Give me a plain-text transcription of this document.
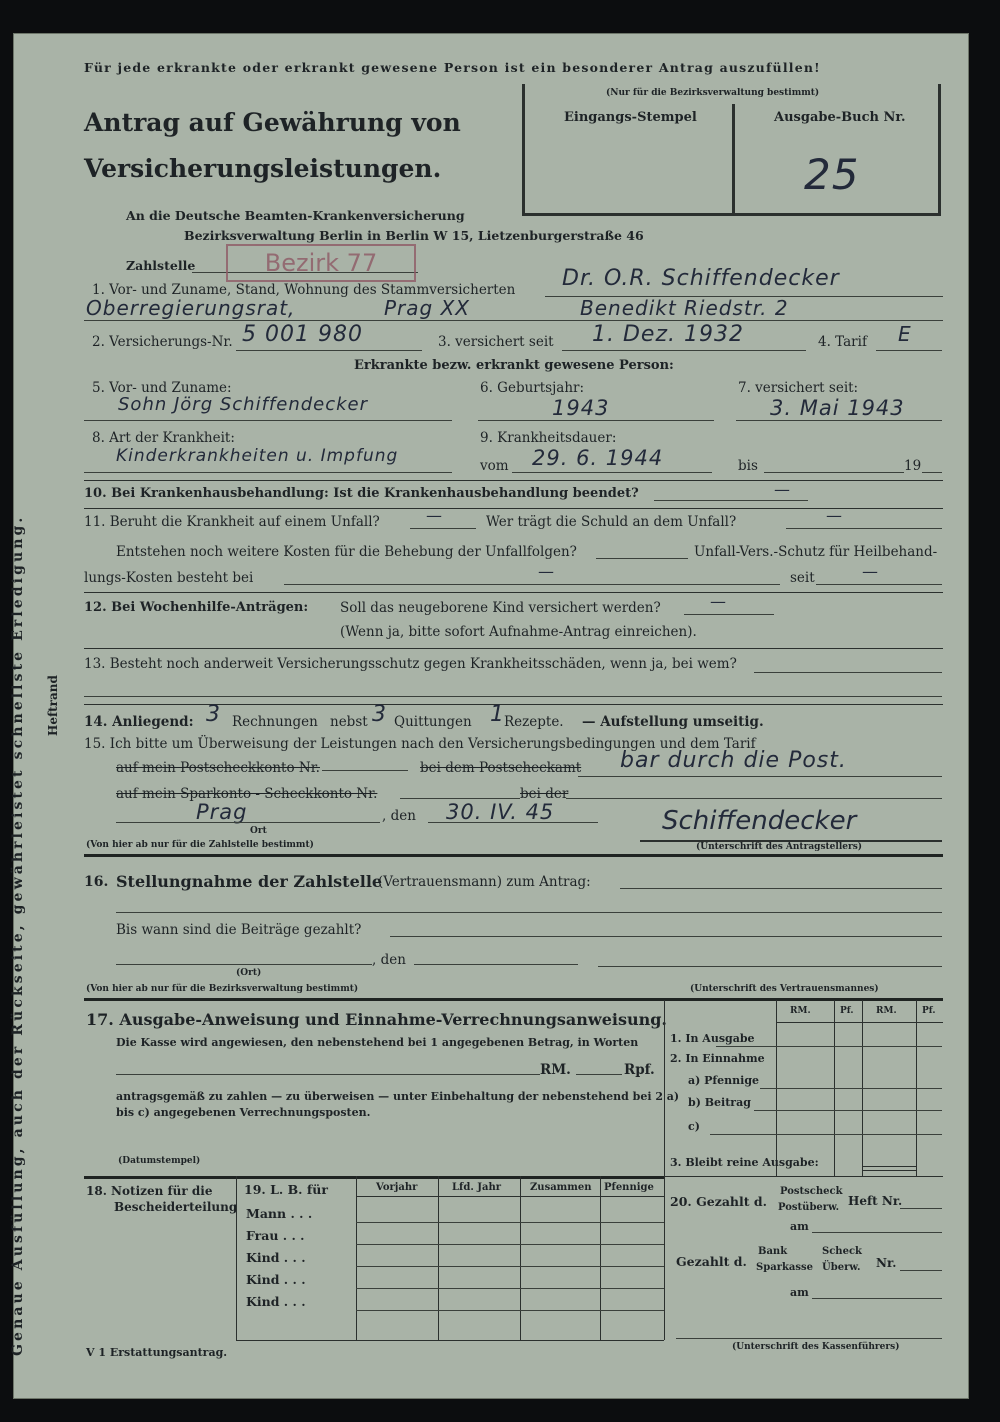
Genaue Ausfüllung, auch der Rückseite, gewährleistet schnellste Erledigung. Heftrand
Für jede erkrankte oder erkrankt gewesene Person ist ein besonderer Antrag auszufüllen!
Antrag auf Gewährung von
Versicherungsleistungen.
(Nur für die Bezirksverwaltung bestimmt)
Eingangs-Stempel	Ausgabe-Buch Nr.
25
An die Deutsche Beamten-Krankenversicherung
Bezirksverwaltung Berlin in Berlin W 15, Lietzenburgerstraße 46
Zahlstelle	Bezirk 77
1. Vor- und Zuname, Stand, Wohnung des Stammversicherten Dr. O.R. Schiffendecker
Oberregierungsrat,	Prag XX	Benedikt Riedstr. 2
2. Versicherungs-Nr. 5 001 980	3. versichert seit 1. Dez. 1932	4. Tarif E
Erkrankte bezw. erkrankt gewesene Person:
5. Vor- und Zuname:	6. Geburtsjahr:	7. versichert seit:
Sohn Jörg Schiffendecker	1943	3. Mai 1943
8. Art der Krankheit:	9. Krankheitsdauer:
Kinderkrankheiten u. Impfung	vom 29. 6. 1944	bis	19
10. Bei Krankenhausbehandlung: Ist die Krankenhausbehandlung beendet?	—
11. Beruht die Krankheit auf einem Unfall?	—	Wer trägt die Schuld an dem Unfall?	—
Entstehen noch weitere Kosten für die Behebung der Unfallfolgen?	Unfall-Vers.-Schutz für Heilbehand-
lungs-Kosten besteht bei	—	seit	—
12. Bei Wochenhilfe-Anträgen: Soll das neugeborene Kind versichert werden?	—
(Wenn ja, bitte sofort Aufnahme-Antrag einreichen).
13. Besteht noch anderweit Versicherungsschutz gegen Krankheitsschäden, wenn ja, bei wem?
14. Anliegend: 3 Rechnungen nebst 3 Quittungen 1 Rezepte. — Aufstellung umseitig.
15. Ich bitte um Überweisung der Leistungen nach den Versicherungsbedingungen und dem Tarif
auf mein Postscheckkonto Nr.	bei dem Postscheckamt bar durch die Post.
auf mein Sparkonto - Scheckkonto Nr.	bei der
Prag
Ort
, den 30. IV. 45	Schiffendecker
(Unterschrift des Antragstellers)
(Von hier ab nur für die Zahlstelle bestimmt)
16. Stellungnahme der Zahlstelle
(Vertrauensmann) zum Antrag:
Bis wann sind die Beiträge gezahlt?
, den
(Ort)
(Unterschrift des Vertrauensmannes)
(Von hier ab nur für die Bezirksverwaltung bestimmt)
17. Ausgabe-Anweisung und Einnahme-Verrechnungsanweisung.
Die Kasse wird angewiesen, den nebenstehend bei 1 angegebenen Betrag, in Worten
RM.	Rpf.
antragsgemäß zu zahlen — zu überweisen — unter Einbehaltung der nebenstehend bei 2 a)
bis c) angegebenen Verrechnungsposten.
(Datumstempel)
RM.	Pf.	RM.	Pf.
1. In Ausgabe
2. In Einnahme
a) Pfennige
b) Beitrag
c)
3. Bleibt reine Ausgabe:
18. Notizen für die
Bescheiderteilung
19. L. B. für	Vorjahr	Lfd. Jahr	Zusammen Pfennige
Mann . . .
Frau . . .
Kind . . .
Kind . . .
Kind . . .
20. Gezahlt d.
Postscheck
Postüberw. Heft Nr.
am
Gezahlt d.
Bank
Sparkasse
Scheck
Überw. Nr.
am
(Unterschrift des Kassenführers)
V 1 Erstattungsantrag.
